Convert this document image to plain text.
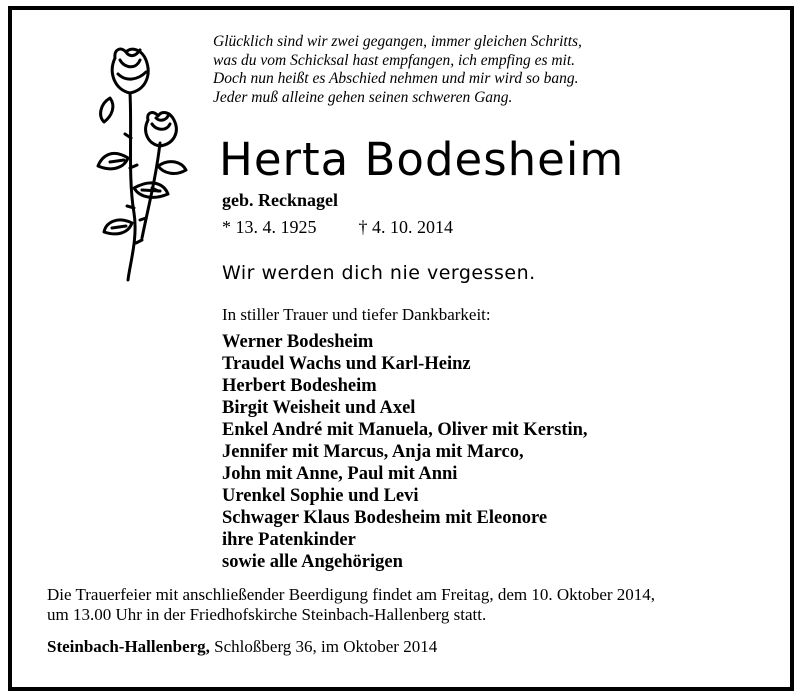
Glücklich sind wir zwei gegangen, immer gleichen Schritts,
was du vom Schicksal hast empfangen, ich empfing es mit.
Doch nun heißt es Abschied nehmen und mir wird so bang.
Jeder muß alleine gehen seinen schweren Gang.
Herta Bodesheim
geb. Recknagel
* 13. 4. 1925 † 4. 10. 2014
Wir werden dich nie vergessen.
In stiller Trauer und tiefer Dankbarkeit:
Werner Bodesheim
Traudel Wachs und Karl-Heinz
Herbert Bodesheim
Birgit Weisheit und Axel
Enkel André mit Manuela, Oliver mit Kerstin,
Jennifer mit Marcus, Anja mit Marco,
John mit Anne, Paul mit Anni
Urenkel Sophie und Levi
Schwager Klaus Bodesheim mit Eleonore
ihre Patenkinder
sowie alle Angehörigen
Die Trauerfeier mit anschließender Beerdigung findet am Freitag, dem 10. Oktober 2014,
um 13.00 Uhr in der Friedhofskirche Steinbach-Hallenberg statt.
Steinbach-Hallenberg, Schloßberg 36, im Oktober 2014
